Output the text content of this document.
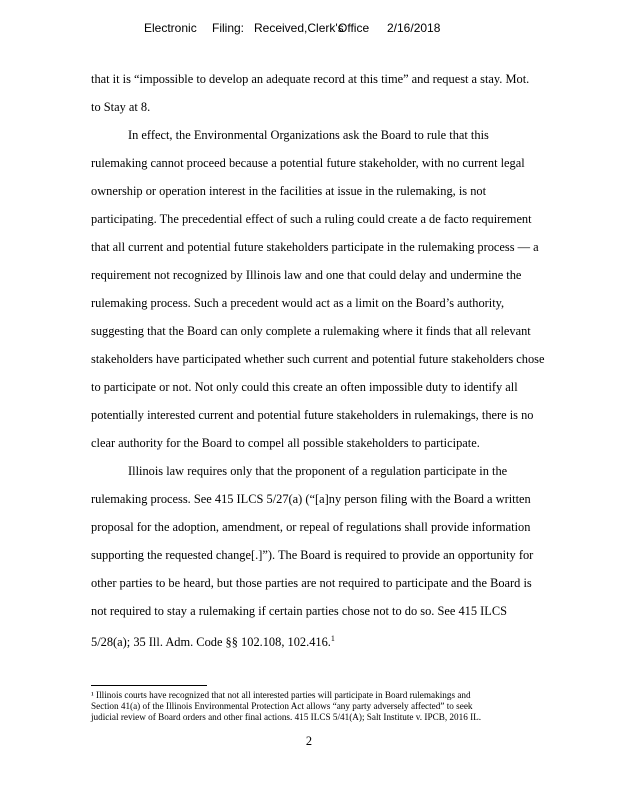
Electronic Filing: Received,Clerk's
Office 2/16/2018
that it is “impossible to develop an adequate record at this time” and request a stay. Mot.
to Stay at 8.
In effect, the Environmental Organizations ask the Board to rule that this
rulemaking cannot proceed because a potential future stakeholder, with no current legal
ownership or operation interest in the facilities at issue in the rulemaking, is not
participating. The precedential effect of such a ruling could create a de facto requirement
that all current and potential future stakeholders participate in the rulemaking process — a
requirement not recognized by Illinois law and one that could delay and undermine the
rulemaking process. Such a precedent would act as a limit on the Board’s authority,
suggesting that the Board can only complete a rulemaking where it finds that all relevant
stakeholders have participated whether such current and potential future stakeholders chose
to participate or not. Not only could this create an often impossible duty to identify all
potentially interested current and potential future stakeholders in rulemakings, there is no
clear authority for the Board to compel all possible stakeholders to participate.
Illinois law requires only that the proponent of a regulation participate in the
rulemaking process. See 415 ILCS 5/27(a) (“[a]ny person filing with the Board a written
proposal for the adoption, amendment, or repeal of regulations shall provide information
supporting the requested change[.]”). The Board is required to provide an opportunity for
other parties to be heard, but those parties are not required to participate and the Board is
not required to stay a rulemaking if certain parties chose not to do so. See 415 ILCS
5/28(a); 35 Ill. Adm. Code §§ 102.108, 102.416.$^1$
¹ Illinois courts have recognized that not all interested parties will participate in Board rulemakings and
Section 41(a) of the Illinois Environmental Protection Act allows “any party adversely affected” to seek
judicial review of Board orders and other final actions. 415 ILCS 5/41(A); Salt Institute v. IPCB, 2016 IL.
2
